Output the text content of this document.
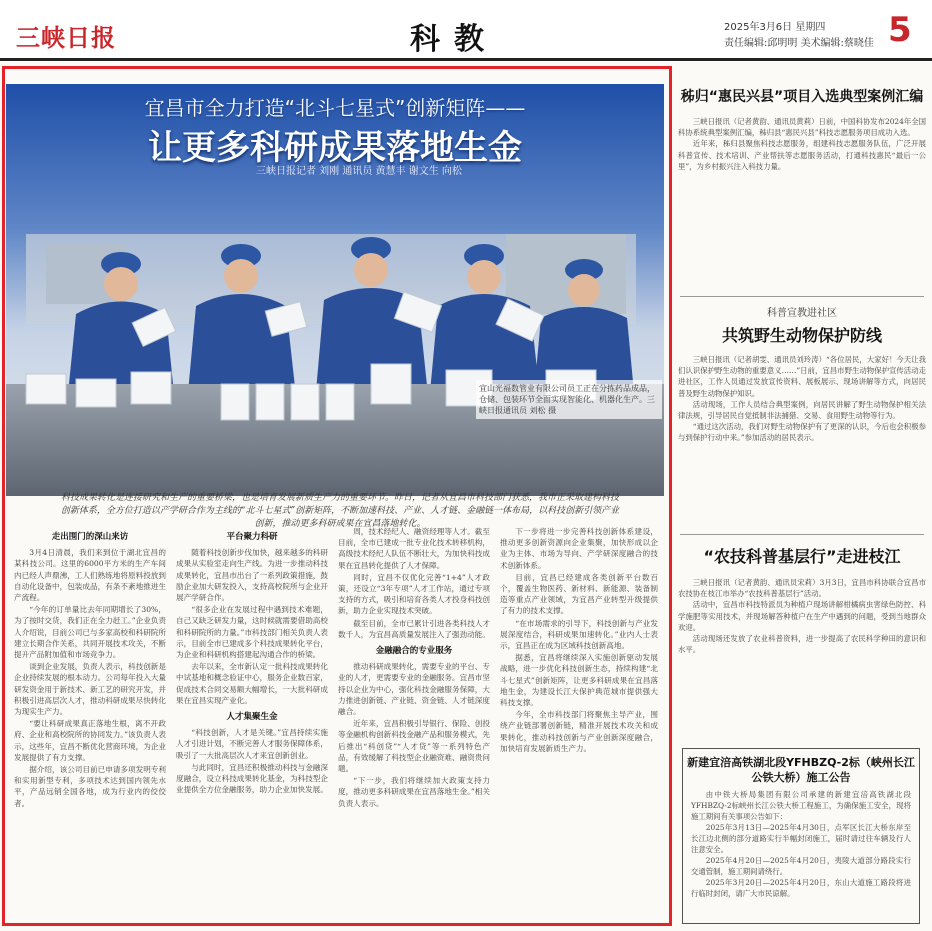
三峡日报	科教	2025年3月6日 星期四
责任编辑:邱明明 美术编辑:蔡晓佳 5
宜昌市全力打造“北斗七星式”创新矩阵——
让更多科研成果落地生金
三峡日报记者 刘刚 通讯员 黄慧丰 谢文生 向松
宜山光福数管业有限公司员工正在分拣药品成品，仓储、包装环节全面实现智能化、机器化生产。三峡日报通讯员 刘松 摄
科技成果转化是连接研究和生产的重要桥梁，也是培育发展新质生产力的重要环节。昨日，记者从宜昌市科技部门获悉，我市正采取建构科技创新体系，全方位打造以产学研合作为主线的“北斗七星式”创新矩阵，不断加速科技、产业、人才链、金融链一体布局，以科技创新引领产业创新，推动更多科研成果在宜昌落地转化。
走出围门的深山来访

3月4日清晨，我们来到位于湖北宜昌的某科技公司。这里的6000平方米的生产车间内已经人声鼎沸，工人们熟练地将原料投放到自动化设备中，包装成品，有条不紊地推进生产流程。

“今年的订单量比去年同期增长了30%，为了按时交货，我们正在全力赶工。”企业负责人介绍说，目前公司已与多家高校和科研院所建立长期合作关系，共同开展技术攻关，不断提升产品附加值和市场竞争力。

谈到企业发展，负责人表示，科技创新是企业持续发展的根本动力。公司每年投入大量研发资金用于新技术、新工艺的研究开发，并积极引进高层次人才，推动科研成果尽快转化为现实生产力。

“要让科研成果真正落地生根，离不开政府、企业和高校院所的协同发力。”该负责人表示，这些年，宜昌不断优化营商环境，为企业发展提供了有力支撑。

据介绍，该公司目前已申请多项发明专利和实用新型专利，多项技术达到国内领先水平，产品远销全国各地，成为行业内的佼佼者。

平台聚力科研

随着科技创新步伐加快，越来越多的科研成果从实验室走向生产线。为进一步推动科技成果转化，宜昌市出台了一系列政策措施，鼓励企业加大研发投入，支持高校院所与企业开展产学研合作。

“很多企业在发展过程中遇到技术难题，自己又缺乏研发力量，这时候就需要借助高校和科研院所的力量。”市科技部门相关负责人表示，目前全市已建成多个科技成果转化平台，为企业和科研机构搭建起沟通合作的桥梁。

去年以来，全市新认定一批科技成果转化中试基地和概念验证中心，服务企业数百家，促成技术合同交易额大幅增长，一大批科研成果在宜昌实现产业化。

人才集聚生金

“科技创新，人才是关键。”宜昌持续实施人才引进计划，不断完善人才服务保障体系，吸引了一大批高层次人才来宜创新创业。

与此同时，宜昌还积极推动科技与金融深度融合，设立科技成果转化基金，为科技型企业提供全方位金融服务，助力企业加快发展。

周，技术经纪人、融资经理等人才。截至目前，全市已建成一批专业化技术转移机构，高级技术经纪人队伍不断壮大，为加快科技成果在宜昌转化提供了人才保障。

同时，宜昌不仅优化完善“1+4”人才政策，还设立“3年专项”人才工作站，通过专项支持的方式，吸引和培育各类人才投身科技创新，助力企业实现技术突破。

截至目前，全市已累计引进各类科技人才数千人，为宜昌高质量发展注入了强劲动能。

金融融合的专业服务

推动科研成果转化，需要专业的平台、专业的人才，更需要专业的金融服务。宜昌市坚持以企业为中心，强化科技金融服务保障，大力推进创新链、产业链、资金链、人才链深度融合。

近年来，宜昌积极引导银行、保险、创投等金融机构创新科技金融产品和服务模式，先后推出“科创贷”“人才贷”等一系列特色产品，有效缓解了科技型企业融资难、融资贵问题。

“下一步，我们将继续加大政策支持力度，推动更多科研成果在宜昌落地生金。”相关负责人表示。

下一步将进一步完善科技创新体系建设，推动更多创新资源向企业集聚，加快形成以企业为主体、市场为导向、产学研深度融合的技术创新体系。

目前，宜昌已经建成各类创新平台数百个，覆盖生物医药、新材料、新能源、装备制造等重点产业领域，为宜昌产业转型升级提供了有力的技术支撑。

“在市场需求的引导下，科技创新与产业发展深度结合，科研成果加速转化。”业内人士表示，宜昌正在成为区域科技创新高地。

据悉，宜昌将继续深入实施创新驱动发展战略，进一步优化科技创新生态，持续构建“北斗七星式”创新矩阵，让更多科研成果在宜昌落地生金，为建设长江大保护典范城市提供强大科技支撑。

今年，全市科技部门将聚焦主导产业，围绕产业链部署创新链，精准开展技术攻关和成果转化，推动科技创新与产业创新深度融合，加快培育发展新质生产力。

秭归“惠民兴县”项目入选典型案例汇编

三峡日报讯（记者黄韵、通讯员黄莉）日前，中国科协发布2024年全国科协系统典型案例汇编，秭归县“惠民兴县”科技志愿服务项目成功入选。

近年来，秭归县聚焦科技志愿服务，组建科技志愿服务队伍，广泛开展科普宣传、技术培训、产业帮扶等志愿服务活动，打通科技惠民“最后一公里”，为乡村振兴注入科技力量。

科普宣教进社区
共筑野生动物保护防线

三峡日报讯（记者胡雯、通讯员刘玲涛）“各位居民，大家好！今天让我们认识保护野生动物的重要意义……”日前，宜昌市野生动物保护宣传活动走进社区，工作人员通过发放宣传资料、展板展示、现场讲解等方式，向居民普及野生动物保护知识。

活动现场，工作人员结合典型案例，向居民讲解了野生动物保护相关法律法规，引导居民自觉抵制非法捕猎、交易、食用野生动物等行为。

“通过这次活动，我们对野生动物保护有了更深的认识，今后也会积极参与到保护行动中来。”参加活动的居民表示。

“农技科普基层行”走进枝江

三峡日报讯（记者黄韵、通讯员宋莉）3月3日，宜昌市科协联合宜昌市农技协在枝江市举办“农技科普基层行”活动。

活动中，宜昌市科技特派员为种植户现场讲解柑橘病虫害绿色防控、科学施肥等实用技术，并现场解答种植户在生产中遇到的问题，受到当地群众欢迎。

活动现场还发放了农业科普资料，进一步提高了农民科学种田的意识和水平。

新建宜涪高铁湖北段YFHBZQ-2标（峡州长江公铁大桥）施工公告

由中铁大桥局集团有限公司承建的新建宜涪高铁湖北段YFHBZQ-2标峡州长江公铁大桥工程施工，为确保施工安全，现将施工期间有关事项公告如下：

2025年3月13日—2025年4月30日，点军区长江大桥东岸至长江边北侧的部分道路实行半幅封闭施工，届时请过往车辆及行人注意安全。

2025年4月20日—2025年4月20日，夷陵大道部分路段实行交通管制，施工期间请绕行。

2025年3月20日—2025年4月20日，东山大道施工路段将进行临时封闭，请广大市民谅解。
